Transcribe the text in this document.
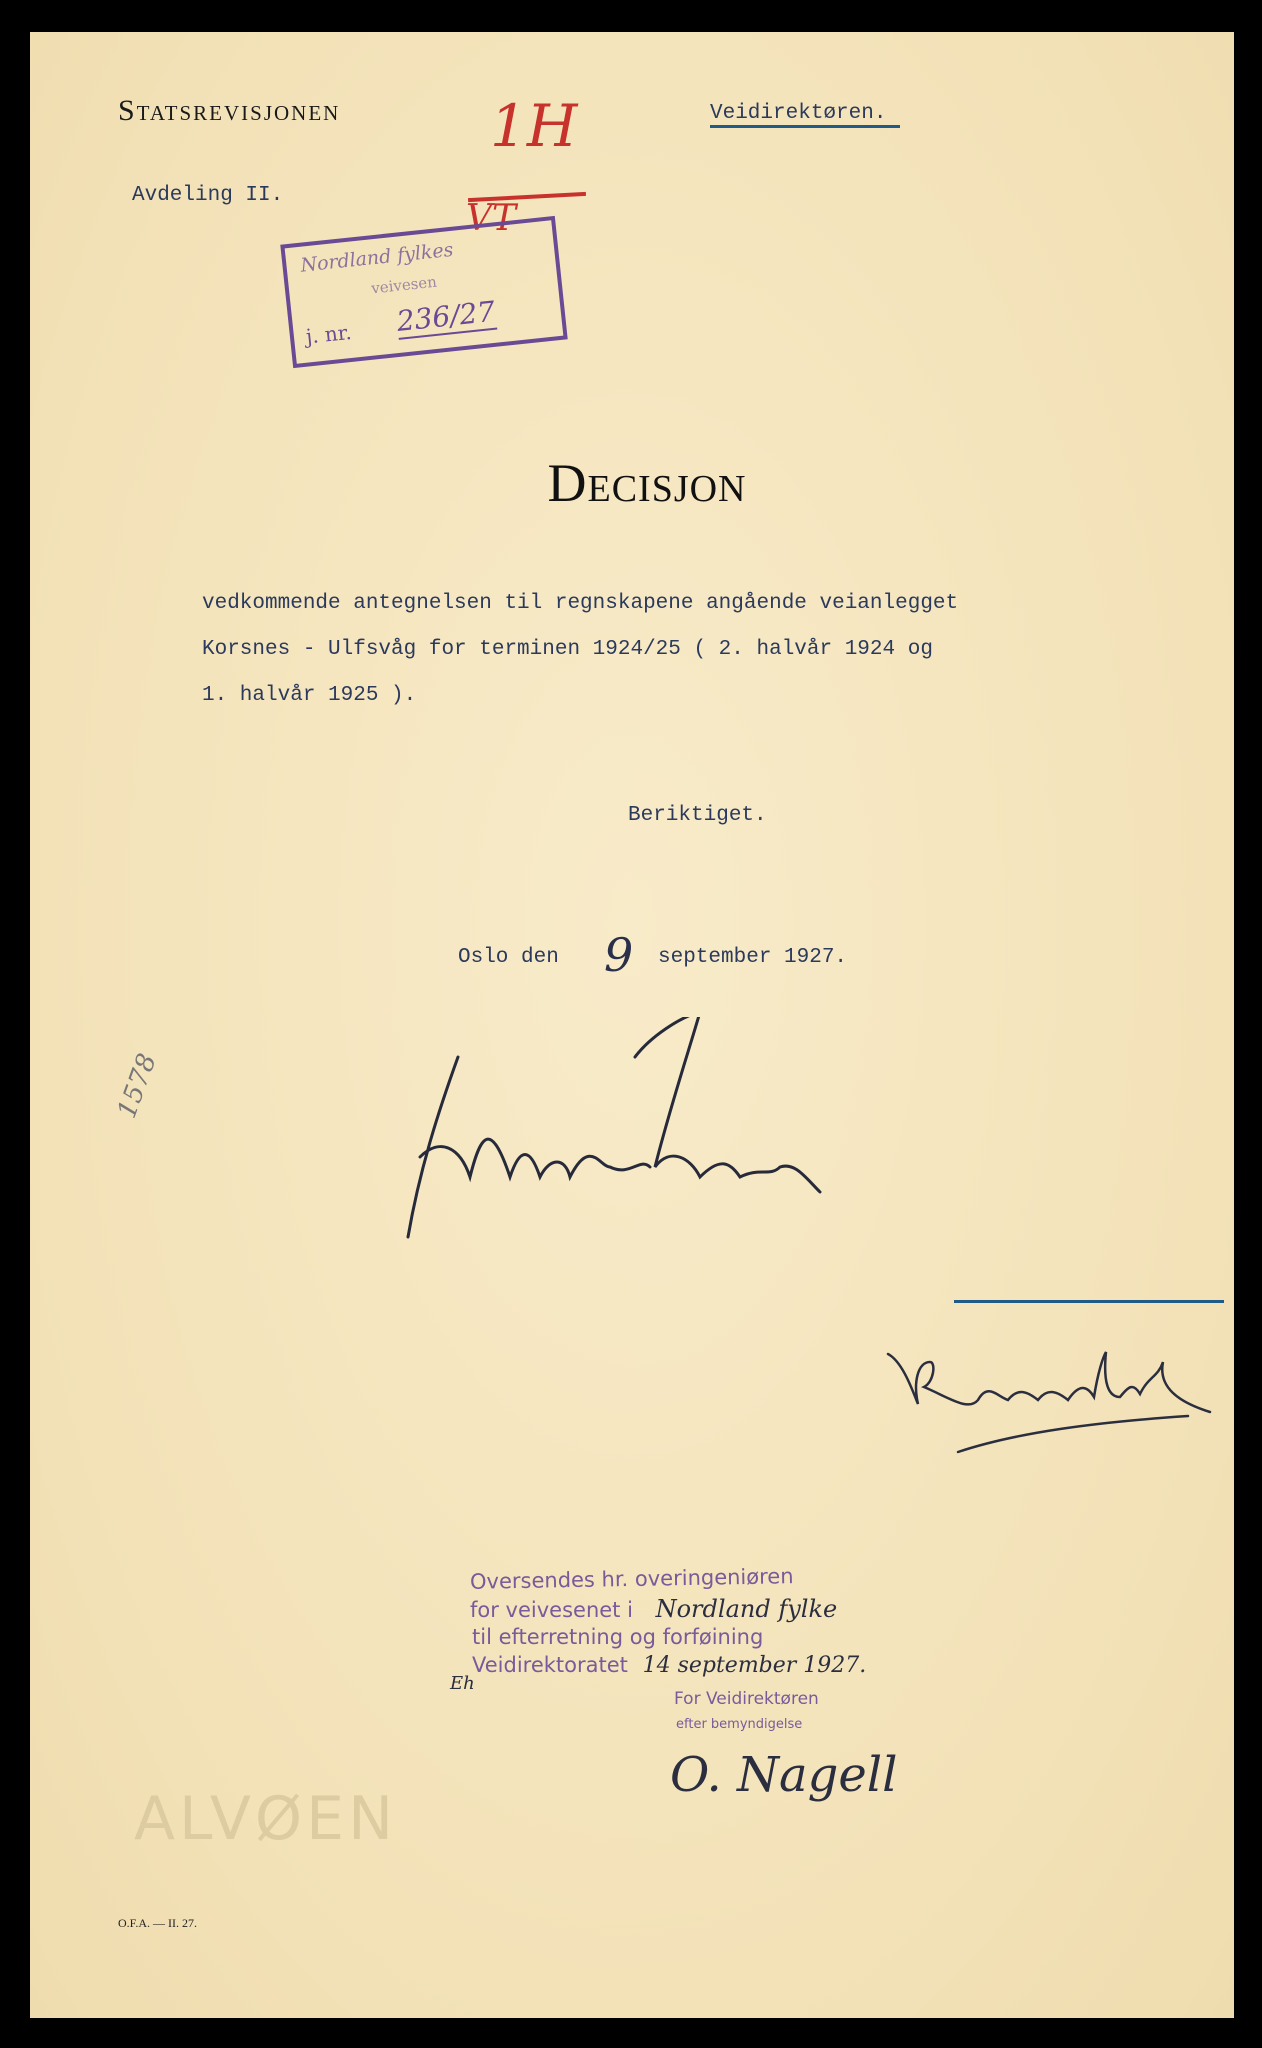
Statsrevisjonen
Avdeling II.
Veidirektøren.
1H
VT
Nordland fylkes
veivesen
j. nr. 236/27
Decisjon
vedkommende antegnelsen til regnskapene angående veianlegget
Korsnes - Ulfsvåg for terminen 1924/25 ( 2. halvår 1924 og
1. halvår 1925 ).
Beriktiget.
Oslo den 9 september 1927.
1578
ALVØEN
Oversendes hr. overingeniøren
for veivesenet i Nordland fylke
til efterretning og forføining
Veidirektoratet 14 september 1927.
For Veidirektøren
efter bemyndigelse
Eh
O. Nagell
O.F.A. — II. 27.
